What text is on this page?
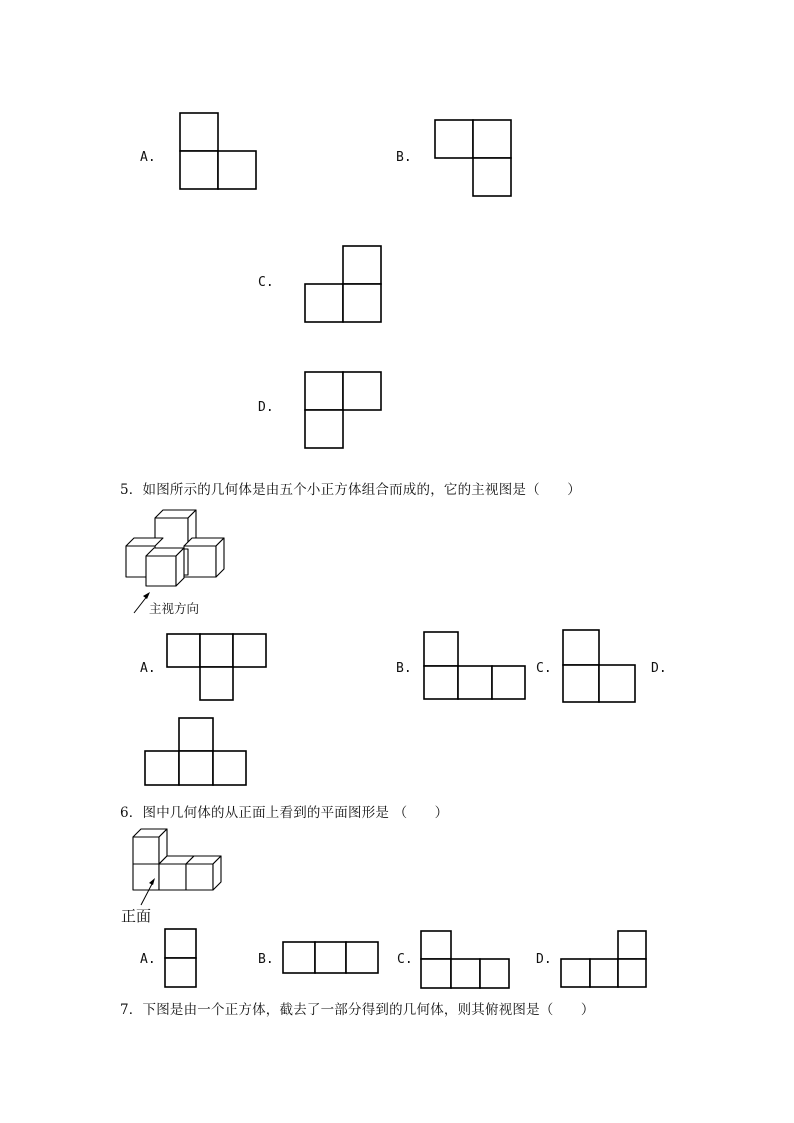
A.	B.
C.
D.
5．如图所示的几何体是由五个小正方体组合而成的，它的主视图是（　　）
主视方向
A.	B.	C.	D.
6．图中几何体的从正面上看到的平面图形是 （　　）
正面
A.	B.	C.	D.
7．下图是由一个正方体，截去了一部分得到的几何体，则其俯视图是（　　）
